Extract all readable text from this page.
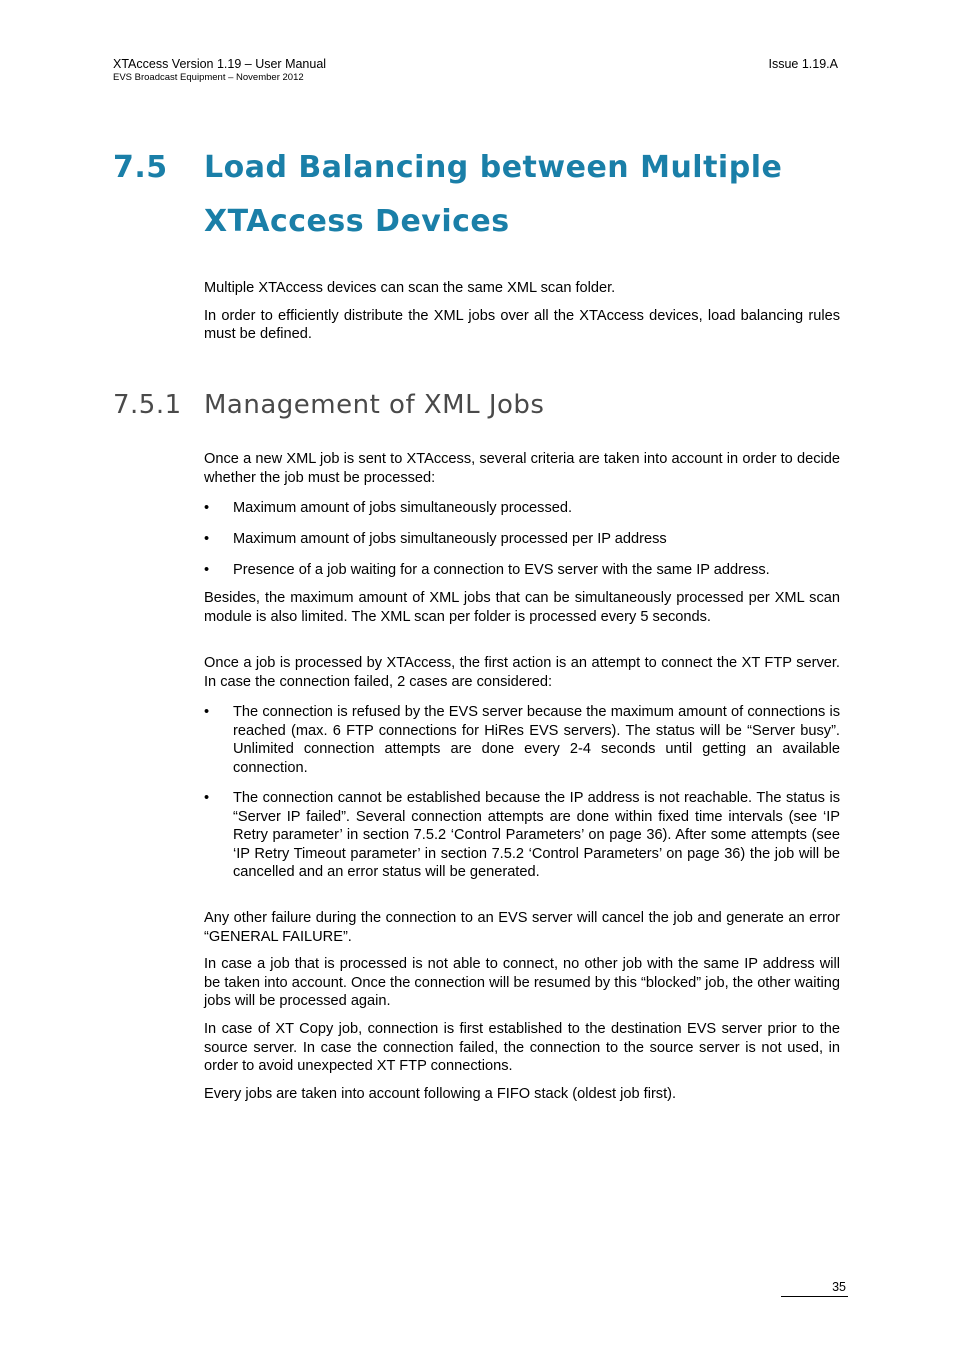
XTAccess Version 1.19 – User Manual
EVS Broadcast Equipment – November 2012
Issue 1.19.A
7.5 Load Balancing between Multiple
XTAccess Devices

Multiple XTAccess devices can scan the same XML scan folder.

In order to efficiently distribute the XML jobs over all the XTAccess devices, load balancing rules must be defined.

7.5.1 Management of XML Jobs
Once a new XML job is sent to XTAccess, several criteria are taken into account in order to decide whether the job must be processed:
• Maximum amount of jobs simultaneously processed.
• Maximum amount of jobs simultaneously processed per IP address
• Presence of a job waiting for a connection to EVS server with the same IP address.
Besides, the maximum amount of XML jobs that can be simultaneously processed per XML scan module is also limited. The XML scan per folder is processed every 5 seconds.
Once a job is processed by XTAccess, the first action is an attempt to connect the XT FTP server. In case the connection failed, 2 cases are considered:
• The connection is refused by the EVS server because the maximum amount of connections is reached (max. 6 FTP connections for HiRes EVS servers). The status will be “Server busy”. Unlimited connection attempts are done every 2-4 seconds until getting an available connection.
• The connection cannot be established because the IP address is not reachable. The status is “Server IP failed”. Several connection attempts are done within fixed time intervals (see ‘IP Retry parameter’ in section 7.5.2 ‘Control Parameters’ on page 36). After some attempts (see ‘IP Retry Timeout parameter’ in section 7.5.2 ‘Control Parameters’ on page 36) the job will be cancelled and an error status will be generated.
Any other failure during the connection to an EVS server will cancel the job and generate an error “GENERAL FAILURE”.
In case a job that is processed is not able to connect, no other job with the same IP address will be taken into account. Once the connection will be resumed by this “blocked” job, the other waiting jobs will be processed again.
In case of XT Copy job, connection is first established to the destination EVS server prior to the source server. In case the connection failed, the connection to the source server is not used, in order to avoid unexpected XT FTP connections.
Every jobs are taken into account following a FIFO stack (oldest job first).
35
